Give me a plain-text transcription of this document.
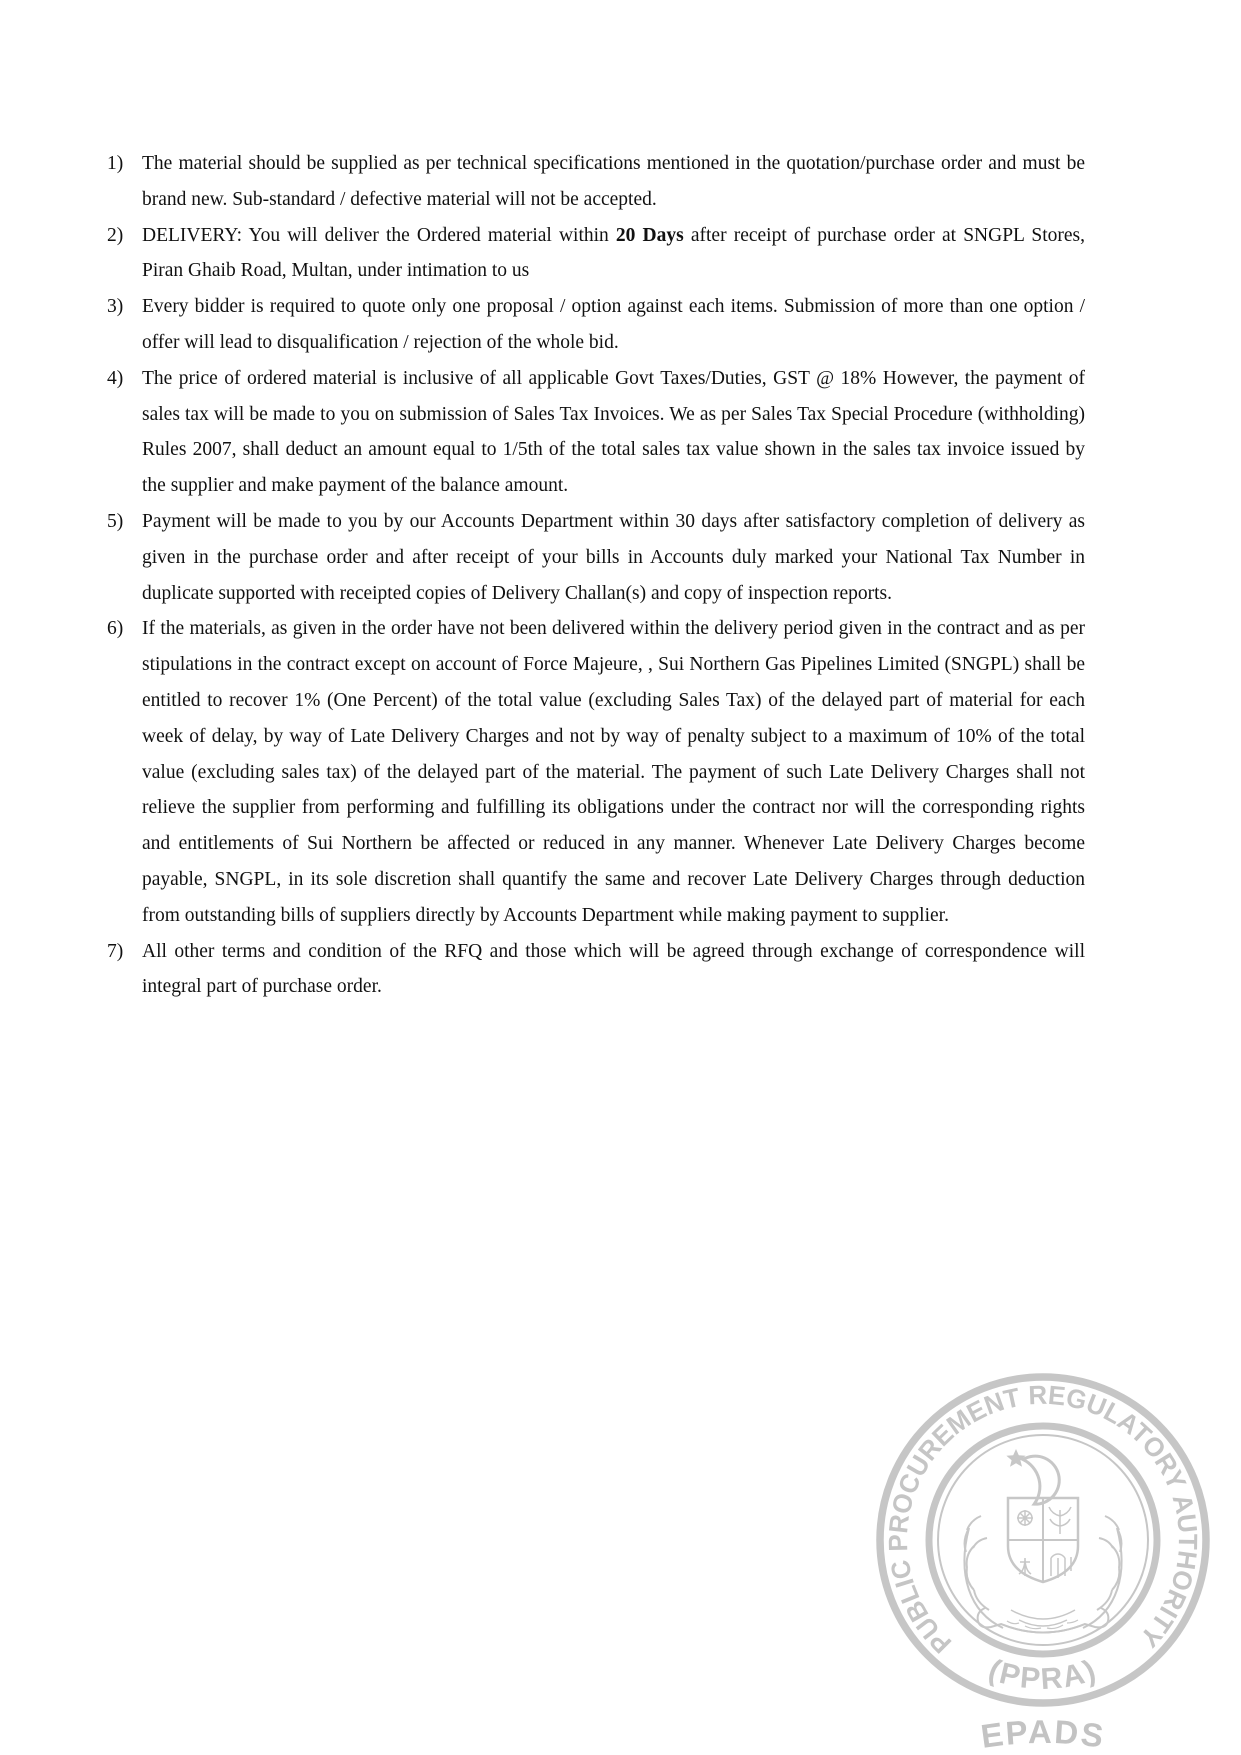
1) The material should be supplied as per technical specifications mentioned in the quotation/purchase order and must be brand new. Sub-standard / defective material will not be accepted.
2) DELIVERY: You will deliver the Ordered material within 20 Days after receipt of purchase order at SNGPL Stores, Piran Ghaib Road, Multan, under intimation to us
3) Every bidder is required to quote only one proposal / option against each items. Submission of more than one option / offer will lead to disqualification / rejection of the whole bid.
4) The price of ordered material is inclusive of all applicable Govt Taxes/Duties, GST @ 18% However, the payment of sales tax will be made to you on submission of Sales Tax Invoices. We as per Sales Tax Special Procedure (withholding) Rules 2007, shall deduct an amount equal to 1/5th of the total sales tax value shown in the sales tax invoice issued by the supplier and make payment of the balance amount.
5) Payment will be made to you by our Accounts Department within 30 days after satisfactory completion of delivery as given in the purchase order and after receipt of your bills in Accounts duly marked your National Tax Number in duplicate supported with receipted copies of Delivery Challan(s) and copy of inspection reports.
6) If the materials, as given in the order have not been delivered within the delivery period given in the contract and as per stipulations in the contract except on account of Force Majeure, , Sui Northern Gas Pipelines Limited (SNGPL) shall be entitled to recover 1% (One Percent) of the total value (excluding Sales Tax) of the delayed part of material for each week of delay, by way of Late Delivery Charges and not by way of penalty subject to a maximum of 10% of the total value (excluding sales tax) of the delayed part of the material. The payment of such Late Delivery Charges shall not relieve the supplier from performing and fulfilling its obligations under the contract nor will the corresponding rights and entitlements of Sui Northern be affected or reduced in any manner. Whenever Late Delivery Charges become payable, SNGPL, in its sole discretion shall quantify the same and recover Late Delivery Charges through deduction from outstanding bills of suppliers directly by Accounts Department while making payment to supplier.
7) All other terms and condition of the RFQ and those which will be agreed through exchange of correspondence will integral part of purchase order.
PUBLIC PROCUREMENT REGULATORY AUTHORITY
(PPRA)
EPADS
